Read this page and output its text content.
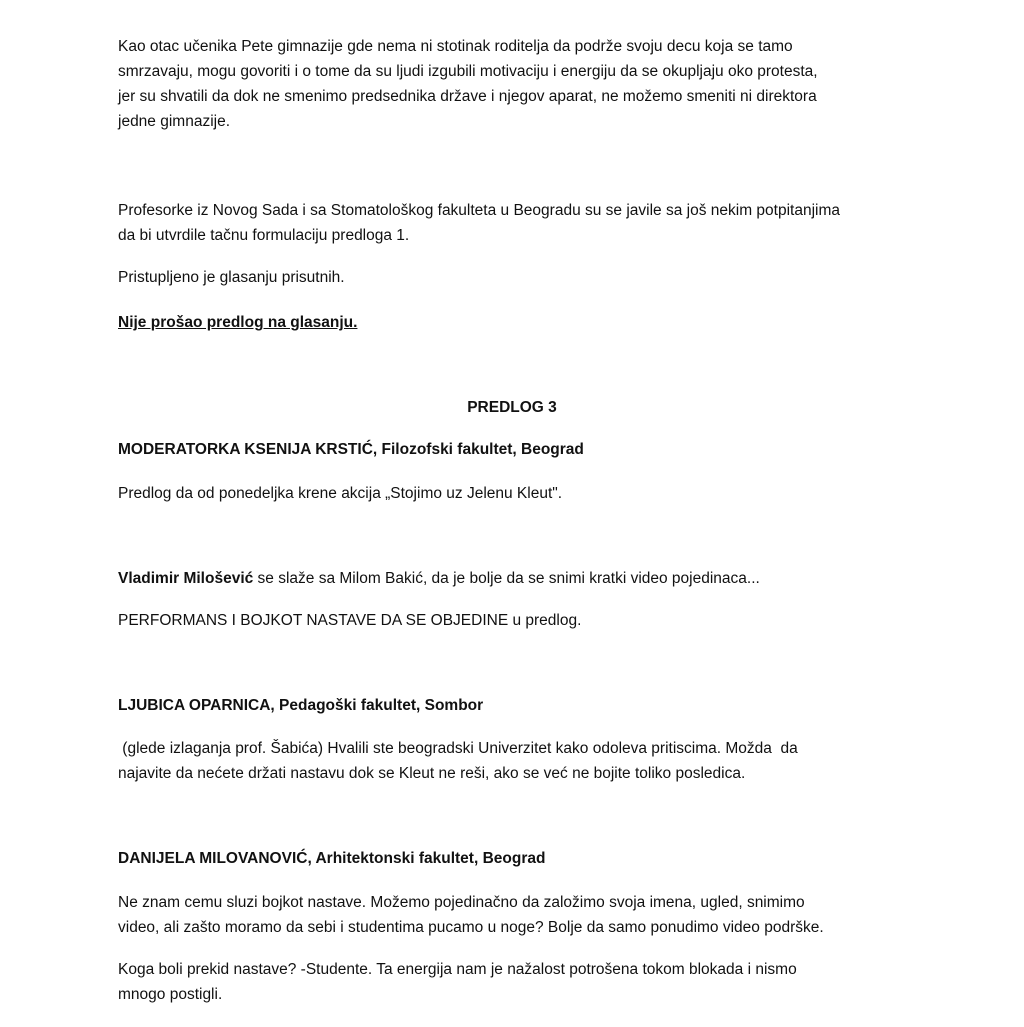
Kao otac učenika Pete gimnazije gde nema ni stotinak roditelja da podrže svoju decu koja se tamo
smrzavaju, mogu govoriti i o tome da su ljudi izgubili motivaciju i energiju da se okupljaju oko protesta,
jer su shvatili da dok ne smenimo predsednika države i njegov aparat, ne možemo smeniti ni direktora
jedne gimnazije.

Profesorke iz Novog Sada i sa Stomatološkog fakulteta u Beogradu su se javile sa još nekim potpitanjima
da bi utvrdile tačnu formulaciju predloga 1.

Pristupljeno je glasanju prisutnih.

Nije prošao predlog na glasanju.

PREDLOG 3

MODERATORKA KSENIJA KRSTIĆ, Filozofski fakultet, Beograd

Predlog da od ponedeljka krene akcija „Stojimo uz Jelenu Kleut".

Vladimir Milošević se slaže sa Milom Bakić, da je bolje da se snimi kratki video pojedinaca...

PERFORMANS I BOJKOT NASTAVE DA SE OBJEDINE u predlog.

LJUBICA OPARNICA, Pedagoški fakultet, Sombor

(glede izlaganja prof. Šabića) Hvalili ste beogradski Univerzitet kako odoleva pritiscima. Možda  da
najavite da nećete držati nastavu dok se Kleut ne reši, ako se već ne bojite toliko posledica.

DANIJELA MILOVANOVIĆ, Arhitektonski fakultet, Beograd

Ne znam cemu sluzi bojkot nastave. Možemo pojedinačno da založimo svoja imena, ugled, snimimo
video, ali zašto moramo da sebi i studentima pucamo u noge? Bolje da samo ponudimo video podrške.

Koga boli prekid nastave? -Studente. Ta energija nam je nažalost potrošena tokom blokada i nismo
mnogo postigli.
